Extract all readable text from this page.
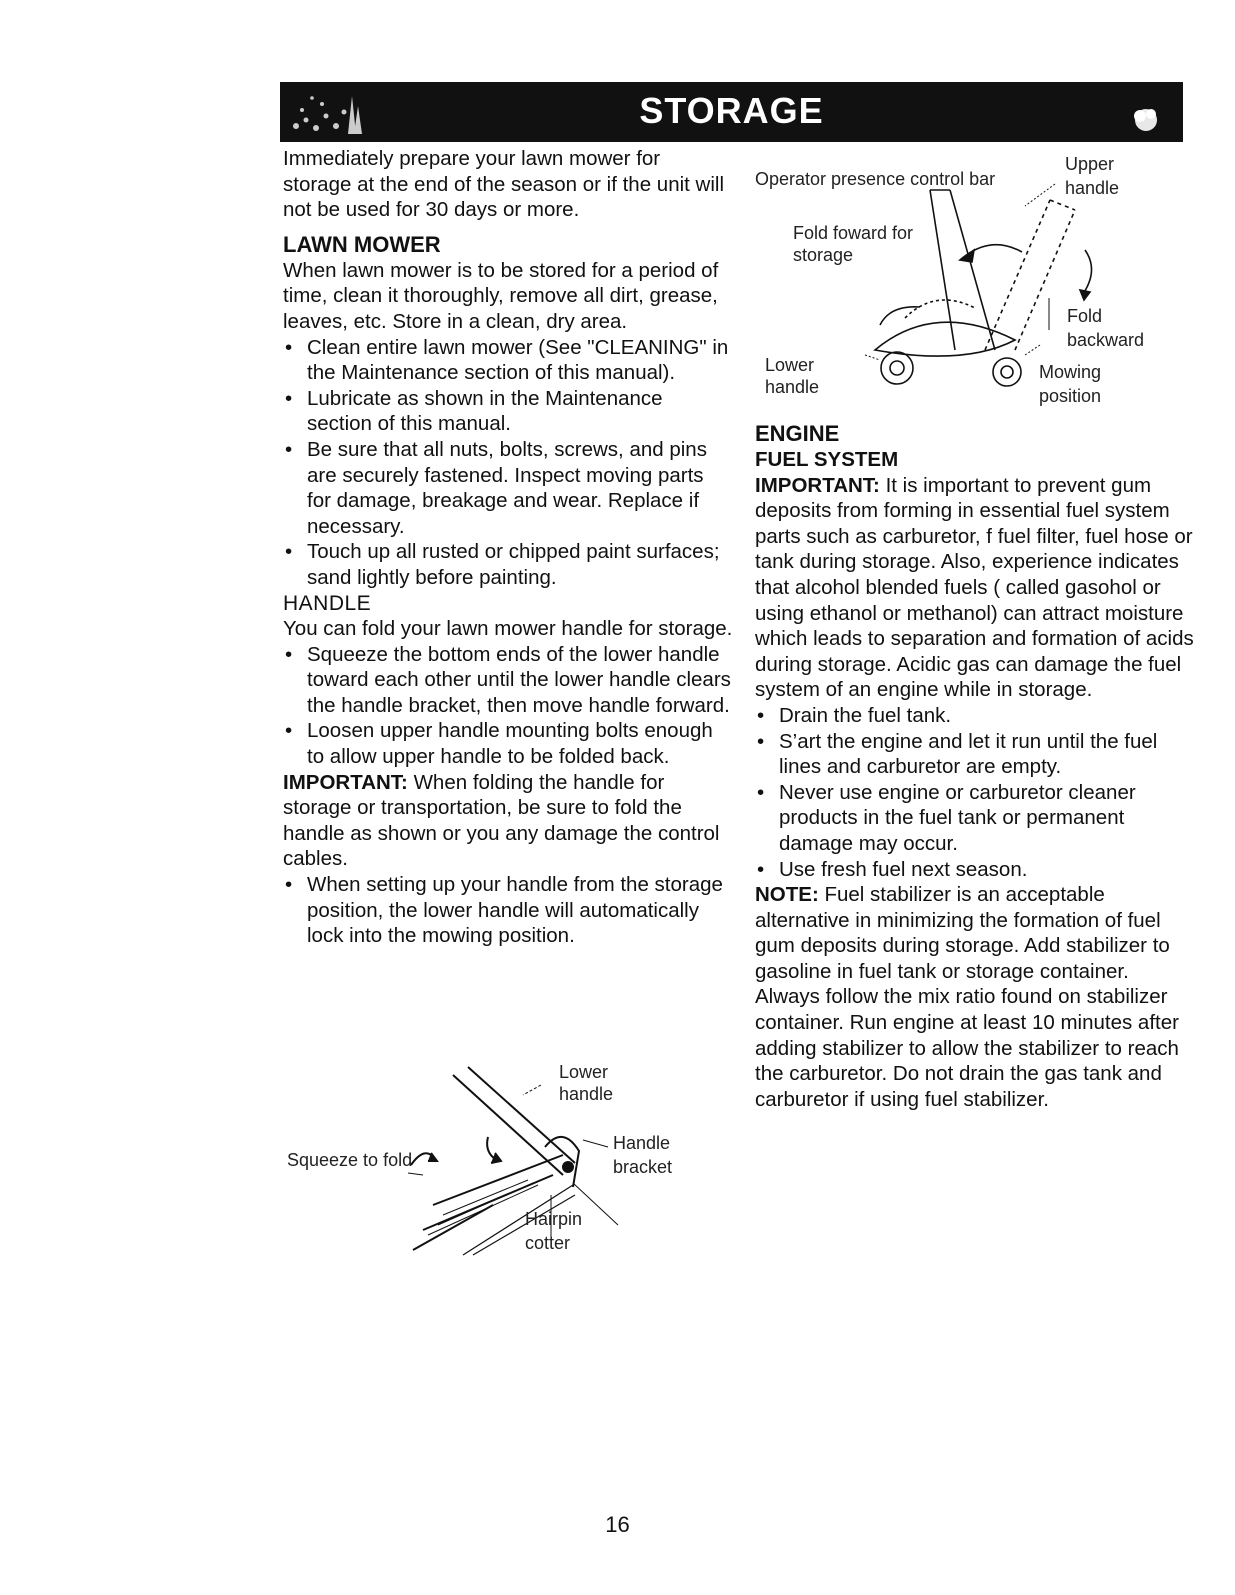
STORAGE

Immediately prepare your lawn mower for storage at the end of the season or if the unit will not be used for 30 days or more.

LAWN MOWER

When lawn mower is to be stored for a period of time, clean it thoroughly, remove all dirt, grease, leaves, etc. Store in a clean, dry area.

• Clean entire lawn mower (See "CLEANING" in the Maintenance section of this manual).
• Lubricate as shown in the Maintenance section of this manual.
• Be sure that all nuts, bolts, screws, and pins are securely fastened. Inspect moving parts for damage, breakage and wear. Replace if necessary.
• Touch up all rusted or chipped paint surfaces; sand lightly before painting.
HANDLE

You can fold your lawn mower handle for storage.

• Squeeze the bottom ends of the lower handle toward each other until the lower handle clears the handle bracket, then move handle forward.
• Loosen upper handle mounting bolts enough to allow upper handle to be folded back.

IMPORTANT: When folding the handle for storage or transportation, be sure to fold the handle as shown or you any damage the control cables.

• When setting up your handle from the storage position, the lower handle will automatically lock into the mowing position.
Lower handle
Handle bracket
Squeeze to fold
Hairpin cotter
Operator presence control bar
Upper handle
Fold foward for storage
Fold backward
Lower handle
Mowing position
ENGINE
FUEL SYSTEM

IMPORTANT: It is important to prevent gum deposits from forming in essential fuel system parts such as carburetor, f fuel filter, fuel hose or tank during storage. Also, experience indicates that alcohol blended fuels ( called gasohol or using ethanol or methanol) can attract moisture which leads to separation and formation of acids during storage. Acidic gas can damage the fuel system of an engine while in storage.

• Drain the fuel tank.
• S’art the engine and let it run until the fuel lines and carburetor are empty.
• Never use engine or carburetor cleaner products in the fuel tank or permanent damage may occur.
• Use fresh fuel next season.

NOTE: Fuel stabilizer is an acceptable alternative in minimizing the formation of fuel gum deposits during storage. Add stabilizer to gasoline in fuel tank or storage container. Always follow the mix ratio found on stabilizer container. Run engine at least 10 minutes after adding stabilizer to allow the stabilizer to reach the carburetor. Do not drain the gas tank and carburetor if using fuel stabilizer.

16
